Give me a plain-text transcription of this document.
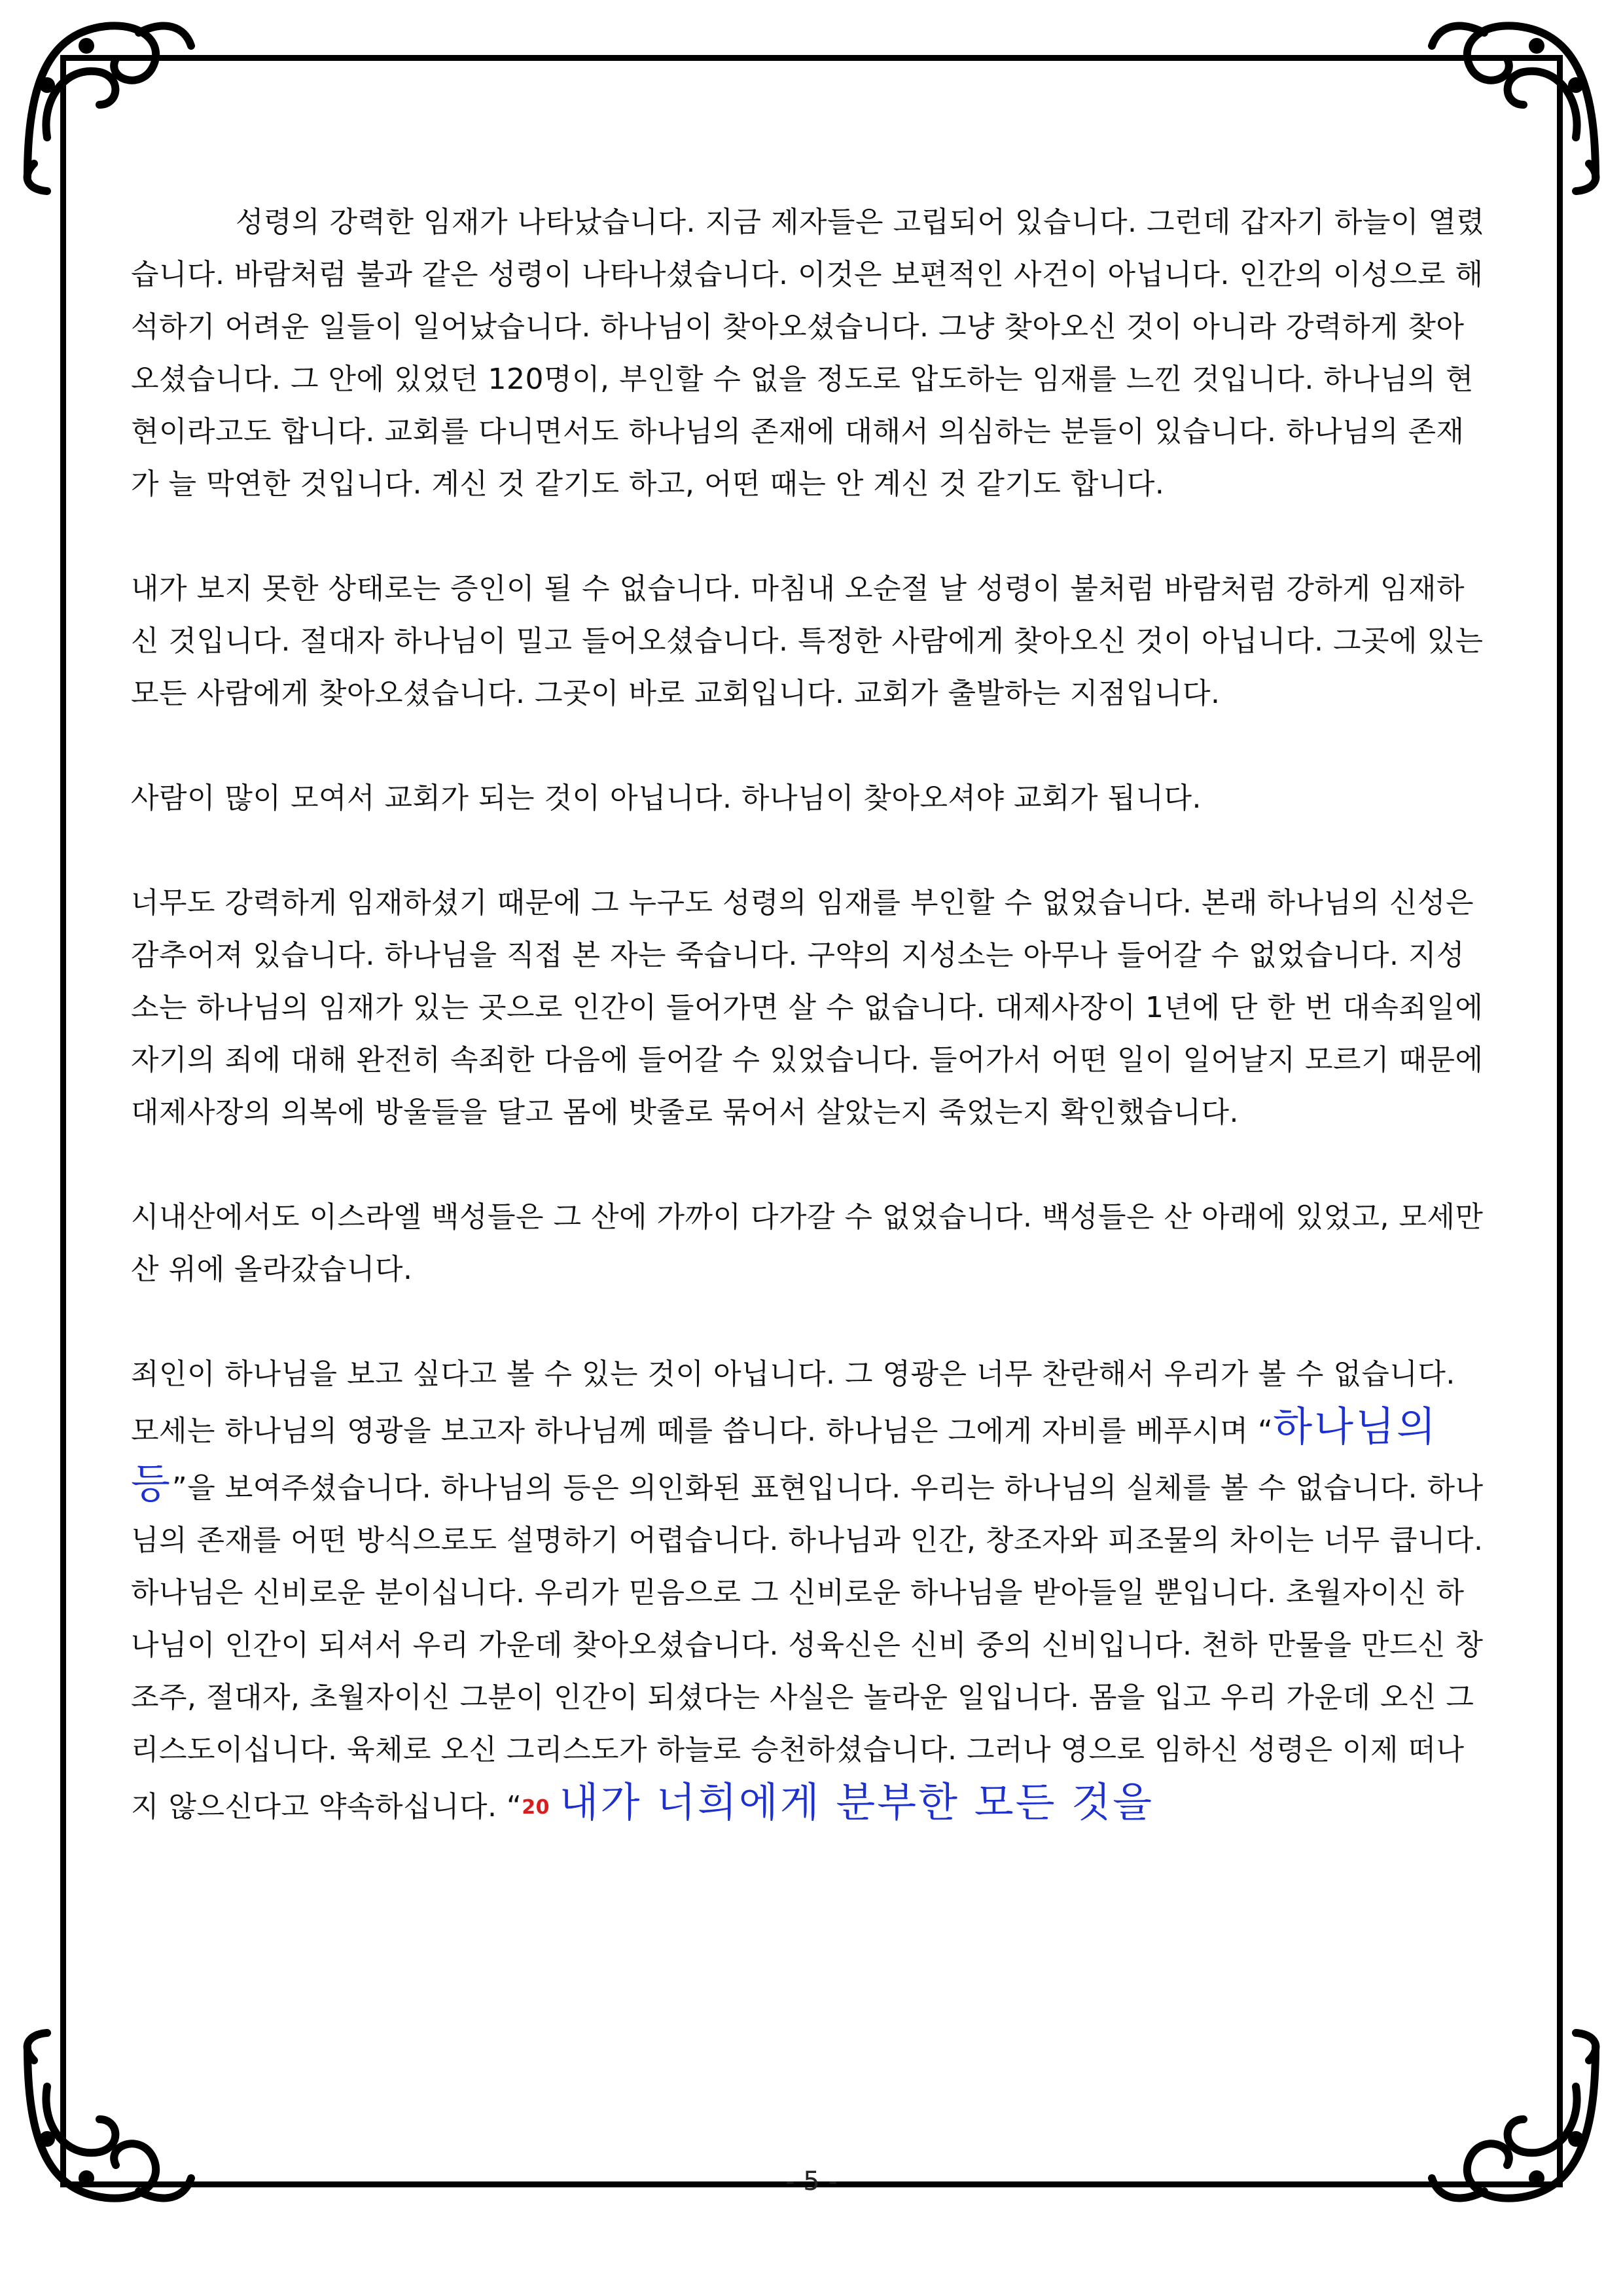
성령의 강력한 임재가 나타났습니다. 지금 제자들은 고립되어 있습니다. 그런데 갑자기 하늘이 열렸습니다. 바람처럼 불과 같은 성령이 나타나셨습니다. 이것은 보편적인 사건이 아닙니다. 인간의 이성으로 해석하기 어려운 일들이 일어났습니다. 하나님이 찾아오셨습니다. 그냥 찾아오신 것이 아니라 강력하게 찾아오셨습니다. 그 안에 있었던 120명이, 부인할 수 없을 정도로 압도하는 임재를 느낀 것입니다. 하나님의 현현이라고도 합니다. 교회를 다니면서도 하나님의 존재에 대해서 의심하는 분들이 있습니다. 하나님의 존재가 늘 막연한 것입니다. 계신 것 같기도 하고, 어떤 때는 안 계신 것 같기도 합니다.

내가 보지 못한 상태로는 증인이 될 수 없습니다. 마침내 오순절 날 성령이 불처럼 바람처럼 강하게 임재하신 것입니다. 절대자 하나님이 밀고 들어오셨습니다. 특정한 사람에게 찾아오신 것이 아닙니다. 그곳에 있는 모든 사람에게 찾아오셨습니다. 그곳이 바로 교회입니다. 교회가 출발하는 지점입니다.

사람이 많이 모여서 교회가 되는 것이 아닙니다. 하나님이 찾아오셔야 교회가 됩니다.

너무도 강력하게 임재하셨기 때문에 그 누구도 성령의 임재를 부인할 수 없었습니다. 본래 하나님의 신성은 감추어져 있습니다. 하나님을 직접 본 자는 죽습니다. 구약의 지성소는 아무나 들어갈 수 없었습니다. 지성소는 하나님의 임재가 있는 곳으로 인간이 들어가면 살 수 없습니다. 대제사장이 1년에 단 한 번 대속죄일에 자기의 죄에 대해 완전히 속죄한 다음에 들어갈 수 있었습니다. 들어가서 어떤 일이 일어날지 모르기 때문에 대제사장의 의복에 방울들을 달고 몸에 밧줄로 묶어서 살았는지 죽었는지 확인했습니다.

시내산에서도 이스라엘 백성들은 그 산에 가까이 다가갈 수 없었습니다. 백성들은 산 아래에 있었고, 모세만 산 위에 올라갔습니다.

죄인이 하나님을 보고 싶다고 볼 수 있는 것이 아닙니다. 그 영광은 너무 찬란해서 우리가 볼 수 없습니다. 모세는 하나님의 영광을 보고자 하나님께 떼를 씁니다. 하나님은 그에게 자비를 베푸시며 “하나님의 등”을 보여주셨습니다. 하나님의 등은 의인화된 표현입니다. 우리는 하나님의 실체를 볼 수 없습니다. 하나님의 존재를 어떤 방식으로도 설명하기 어렵습니다. 하나님과 인간, 창조자와 피조물의 차이는 너무 큽니다. 하나님은 신비로운 분이십니다. 우리가 믿음으로 그 신비로운 하나님을 받아들일 뿐입니다. 초월자이신 하나님이 인간이 되셔서 우리 가운데 찾아오셨습니다. 성육신은 신비 중의 신비입니다. 천하 만물을 만드신 창조주, 절대자, 초월자이신 그분이 인간이 되셨다는 사실은 놀라운 일입니다. 몸을 입고 우리 가운데 오신 그리스도이십니다. 육체로 오신 그리스도가 하늘로 승천하셨습니다. 그러나 영으로 임하신 성령은 이제 떠나지 않으신다고 약속하십니다. “20 내가 너희에게 분부한 모든 것을

- 5 -
